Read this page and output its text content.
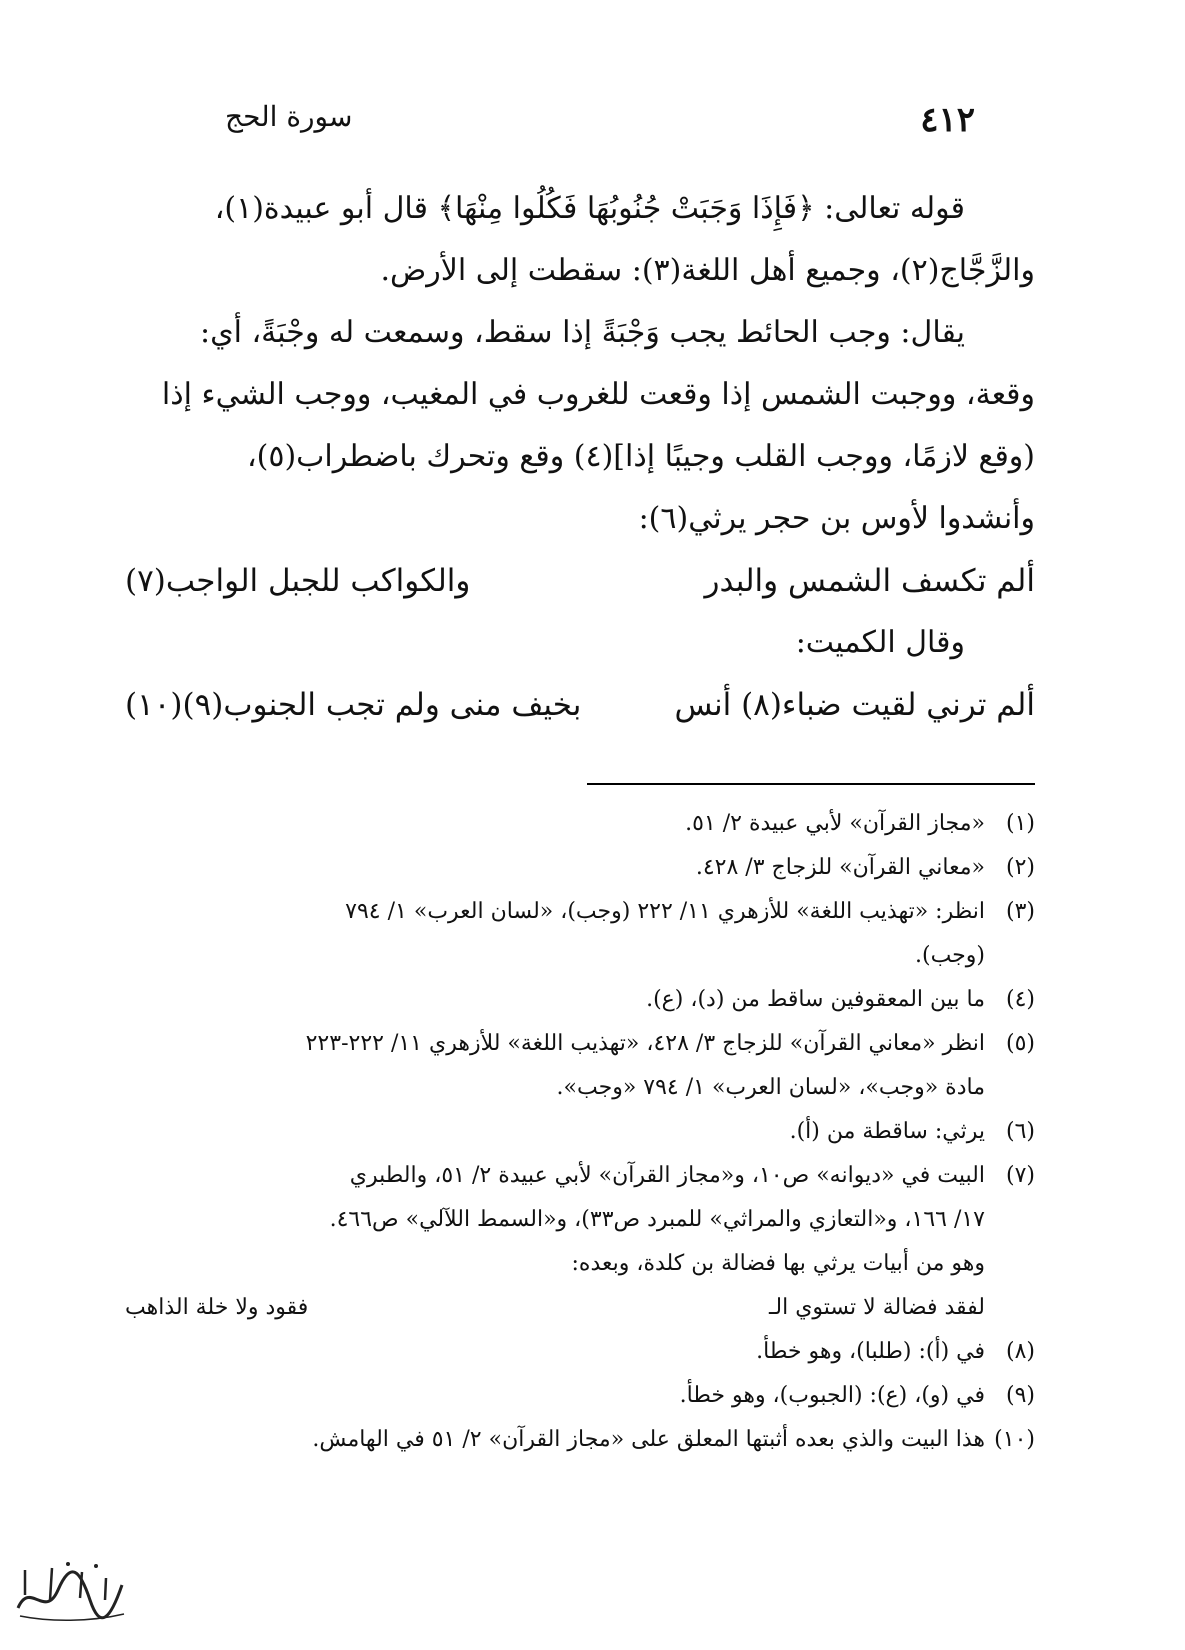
٤١٢
سورة الحج

قوله تعالى: ﴿فَإِذَا وَجَبَتْ جُنُوبُهَا فَكُلُوا مِنْهَا﴾ قال أبو عبيدة(١)،

والزَّجَّاج(٢)، وجميع أهل اللغة(٣): سقطت إلى الأرض.

يقال: وجب الحائط يجب وَجْبَةً إذا سقط، وسمعت له وجْبَةً، أي:

وقعة، ووجبت الشمس إذا وقعت للغروب في المغيب، ووجب الشيء إذا

(وقع لازمًا، ووجب القلب وجيبًا إذا](٤) وقع وتحرك باضطراب(٥)،

وأنشدوا لأوس بن حجر يرثي(٦):

ألم تكسف الشمس والبدر
والكواكب للجبل الواجب(٧)

وقال الكميت:

ألم ترني لقيت ضباء(٨) أنس
بخيف منى ولم تجب الجنوب(٩)(١٠)
(١)
«مجاز القرآن» لأبي عبيدة ٢/ ٥١.
(٢)
«معاني القرآن» للزجاج ٣/ ٤٢٨.
(٣)
انظر: «تهذيب اللغة» للأزهري ١١/ ٢٢٢ (وجب)، «لسان العرب» ١/ ٧٩٤
(وجب).
(٤)
ما بين المعقوفين ساقط من (د)، (ع).
(٥)
انظر «معاني القرآن» للزجاج ٣/ ٤٢٨، «تهذيب اللغة» للأزهري ١١/ ٢٢٢-٢٢٣
مادة «وجب»، «لسان العرب» ١/ ٧٩٤ «وجب».
(٦)
يرثي: ساقطة من (أ).
(٧)
البيت في «ديوانه» ص١٠، و«مجاز القرآن» لأبي عبيدة ٢/ ٥١، والطبري
١٧/ ١٦٦، و«التعازي والمراثي» للمبرد ص٣٣)، و«السمط اللآلي» ص٤٦٦.
وهو من أبيات يرثي بها فضالة بن كلدة، وبعده:
لفقد فضالة لا تستوي الـ
فقود ولا خلة الذاهب
(٨)
في (أ): (طلبا)، وهو خطأ.
(٩)
في (و)، (ع): (الجبوب)، وهو خطأ.
(١٠)
هذا البيت والذي بعده أثبتها المعلق على «مجاز القرآن» ٢/ ٥١ في الهامش.
